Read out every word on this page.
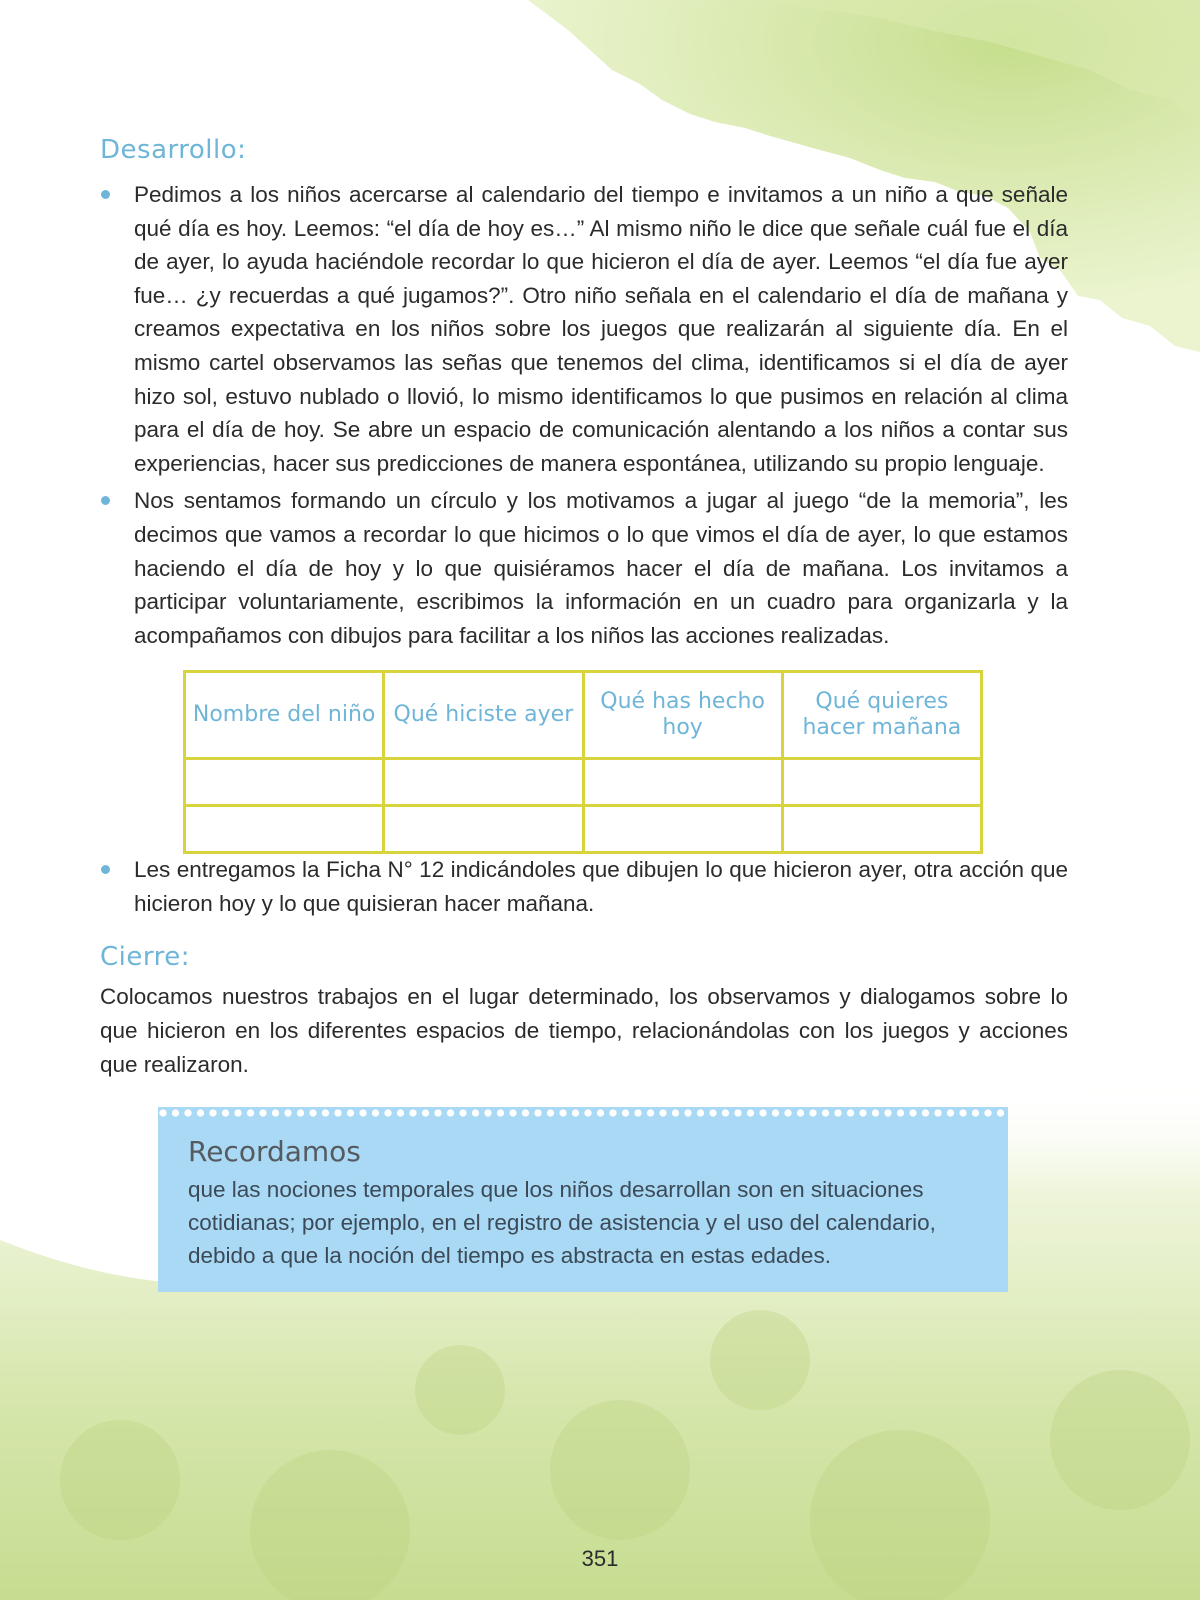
Desarrollo:
Pedimos a los niños acercarse al calendario del tiempo e invitamos a un niño a que señale qué día es hoy. Leemos: “el día de hoy es…” Al mismo niño le dice que señale cuál fue el día de ayer, lo ayuda haciéndole recordar lo que hicieron el día de ayer. Leemos “el día fue ayer fue… ¿y recuerdas a qué jugamos?”. Otro niño señala en el calendario el día de mañana y creamos expectativa en los niños sobre los juegos que realizarán al siguiente día. En el mismo cartel observamos las señas que tenemos del clima, identificamos si el día de ayer hizo sol, estuvo nublado o llovió, lo mismo identificamos lo que pusimos en relación al clima para el día de hoy. Se abre un espacio de comunicación alentando a los niños a contar sus experiencias, hacer sus predicciones de manera espontánea, utilizando su propio lenguaje.
Nos sentamos formando un círculo y los motivamos a jugar al juego “de la memoria”, les decimos que vamos a recordar lo que hicimos o lo que vimos el día de ayer, lo que estamos haciendo el día de hoy y lo que quisiéramos hacer el día de mañana. Los invitamos a participar voluntariamente, escribimos la información en un cuadro para organizarla y la acompañamos con dibujos para facilitar a los niños las acciones realizadas.
Nombre del niño	Qué hiciste ayer	Qué has hecho hoy	Qué quieres hacer mañana

Les entregamos la Ficha N° 12 indicándoles que dibujen lo que hicieron ayer, otra acción que hicieron hoy y lo que quisieran hacer mañana.
Cierre:

Colocamos nuestros trabajos en el lugar determinado, los observamos y dialogamos sobre lo que hicieron en los diferentes espacios de tiempo, relacionándolas con los juegos y acciones que realizaron.

Recordamos

que las nociones temporales que los niños desarrollan son en situaciones cotidianas; por ejemplo, en el registro de asistencia y el uso del calendario, debido a que la noción del tiempo es abstracta en estas edades.

351
